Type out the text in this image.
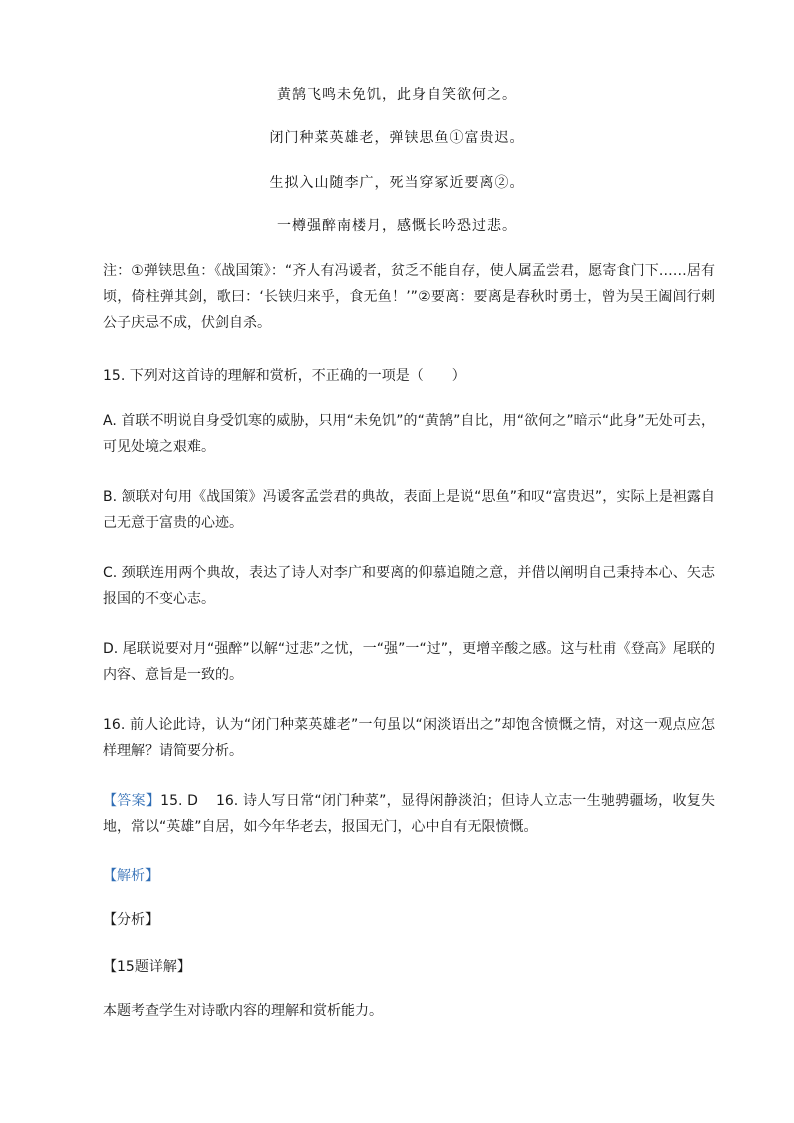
黄鹄飞鸣未免饥，此身自笑欲何之。
闭门种菜英雄老，弹铗思鱼①富贵迟。
生拟入山随李广，死当穿冢近要离②。
一樽强醉南楼月，感慨长吟恐过悲。
注：①弹铗思鱼：《战国策》：“齐人有冯谖者，贫乏不能自存，使人属孟尝君，愿寄食门下……居有顷，倚柱弹其剑，歌曰：‘长铗归来乎，食无鱼！’”②要离：要离是春秋时勇士，曾为吴王阖闾行刺公子庆忌不成，伏剑自杀。
15. 下列对这首诗的理解和赏析，不正确的一项是（　　）
A. 首联不明说自身受饥寒的威胁，只用“未免饥”的“黄鹄”自比，用“欲何之”暗示“此身”无处可去，可见处境之艰难。
B. 颔联对句用《战国策》冯谖客孟尝君的典故，表面上是说“思鱼”和叹“富贵迟”，实际上是袒露自己无意于富贵的心迹。
C. 颈联连用两个典故，表达了诗人对李广和要离的仰慕追随之意，并借以阐明自己秉持本心、矢志报国的不变心志。
D. 尾联说要对月“强醉”以解“过悲”之忧，一“强”一“过”，更增辛酸之感。这与杜甫《登高》尾联的内容、意旨是一致的。
16. 前人论此诗，认为“闭门种菜英雄老”一句虽以“闲淡语出之”却饱含愤慨之情，对这一观点应怎样理解？请简要分析。
【答案】15. D 16. 诗人写日常“闭门种菜”，显得闲静淡泊；但诗人立志一生驰骋疆场，收复失地，常以“英雄”自居，如今年华老去，报国无门，心中自有无限愤慨。
【解析】
【分析】
【15题详解】
本题考查学生对诗歌内容的理解和赏析能力。
